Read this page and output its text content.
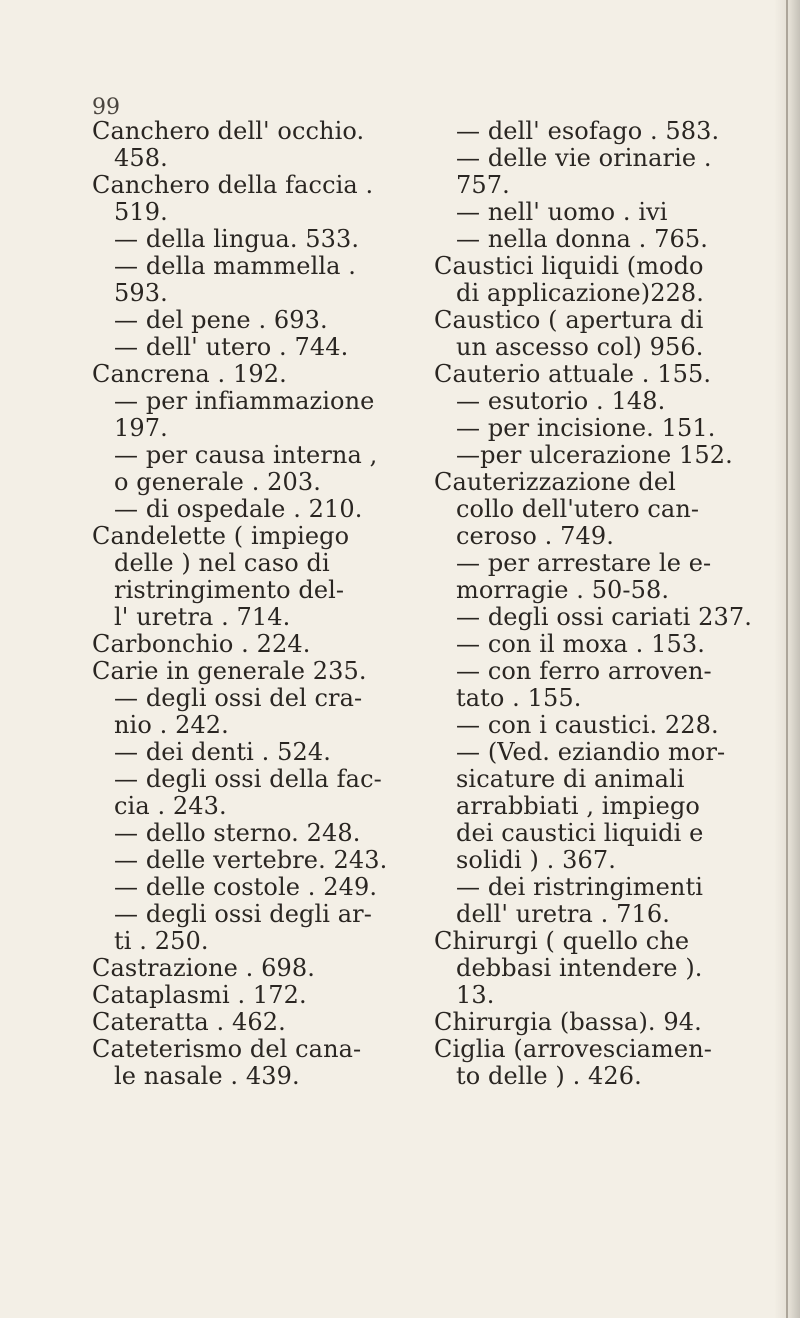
99
Canchero dell' occhio.
458.
Canchero della faccia .
519.
— della lingua. 533.
— della mammella .
593.
— del pene . 693.
— dell' utero . 744.
Cancrena . 192.
— per infiammazione
197.
— per causa interna ,
o generale . 203.
— di ospedale . 210.
Candelette ( impiego
delle ) nel caso di
ristringimento del-
l' uretra . 714.
Carbonchio . 224.
Carie in generale 235.
— degli ossi del cra-
nio . 242.
— dei denti . 524.
— degli ossi della fac-
cia . 243.
— dello sterno. 248.
— delle vertebre. 243.
— delle costole . 249.
— degli ossi degli ar-
ti . 250.
Castrazione . 698.
Cataplasmi . 172.
Cateratta . 462.
Cateterismo del cana-
le nasale . 439.
— dell' esofago . 583.
— delle vie orinarie .
757.
— nell' uomo . ivi
— nella donna . 765.
Caustici liquidi (modo
di applicazione)228.
Caustico ( apertura di
un ascesso col) 956.
Cauterio attuale . 155.
— esutorio . 148.
— per incisione. 151.
—per ulcerazione 152.
Cauterizzazione del
collo dell'utero can-
ceroso . 749.
— per arrestare le e-
morragie . 50-58.
— degli ossi cariati 237.
— con il moxa . 153.
— con ferro arroven-
tato . 155.
— con i caustici. 228.
— (Ved. eziandio mor-
sicature di animali
arrabbiati , impiego
dei caustici liquidi e
solidi ) . 367.
— dei ristringimenti
dell' uretra . 716.
Chirurgi ( quello che
debbasi intendere ).
13.
Chirurgia (bassa). 94.
Ciglia (arrovesciamen-
to delle ) . 426.
